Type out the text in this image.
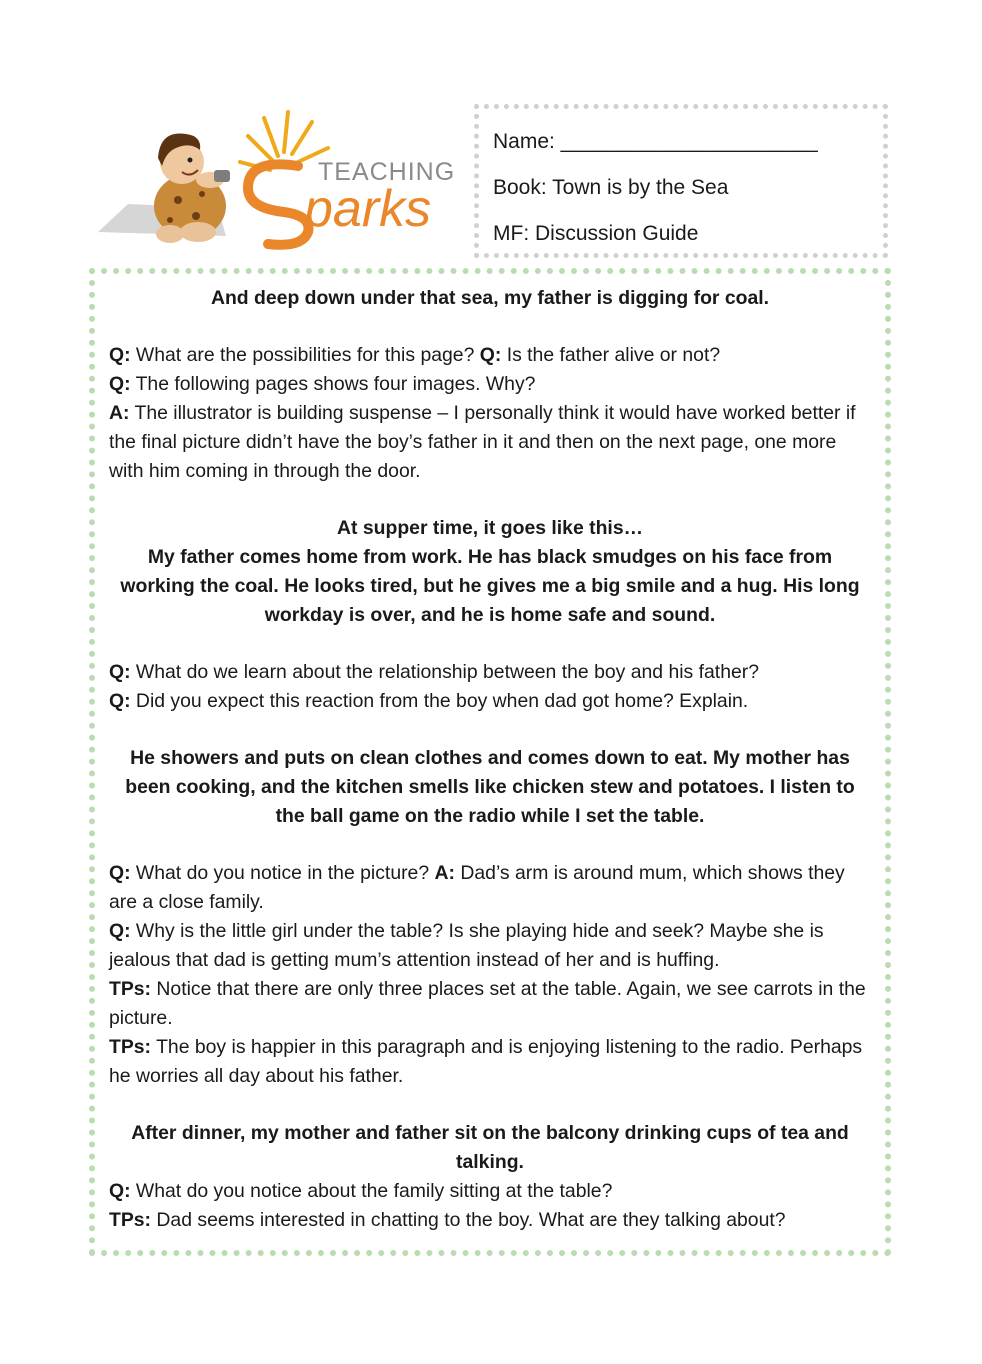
TEACHING
parks
Name: ______________________
Book: Town is by the Sea
MF: Discussion Guide

And deep down under that sea, my father is digging for coal.

Q: What are the possibilities for this page? Q: Is the father alive or not?

Q: The following pages shows four images. Why?

A: The illustrator is building suspense – I personally think it would have worked better if the final picture didn’t have the boy’s father in it and then on the next page, one more with him coming in through the door.

At supper time, it goes like this…

My father comes home from work. He has black smudges on his face from working the coal. He looks tired, but he gives me a big smile and a hug. His long workday is over, and he is home safe and sound.

Q: What do we learn about the relationship between the boy and his father?

Q: Did you expect this reaction from the boy when dad got home? Explain.

He showers and puts on clean clothes and comes down to eat. My mother has been cooking, and the kitchen smells like chicken stew and potatoes. I listen to the ball game on the radio while I set the table.

Q: What do you notice in the picture? A: Dad’s arm is around mum, which shows they are a close family.

Q: Why is the little girl under the table? Is she playing hide and seek? Maybe she is jealous that dad is getting mum’s attention instead of her and is huffing.

TPs: Notice that there are only three places set at the table. Again, we see carrots in the picture.

TPs: The boy is happier in this paragraph and is enjoying listening to the radio. Perhaps he worries all day about his father.

After dinner, my mother and father sit on the balcony drinking cups of tea and talking.

Q: What do you notice about the family sitting at the table?

TPs: Dad seems interested in chatting to the boy. What are they talking about?
